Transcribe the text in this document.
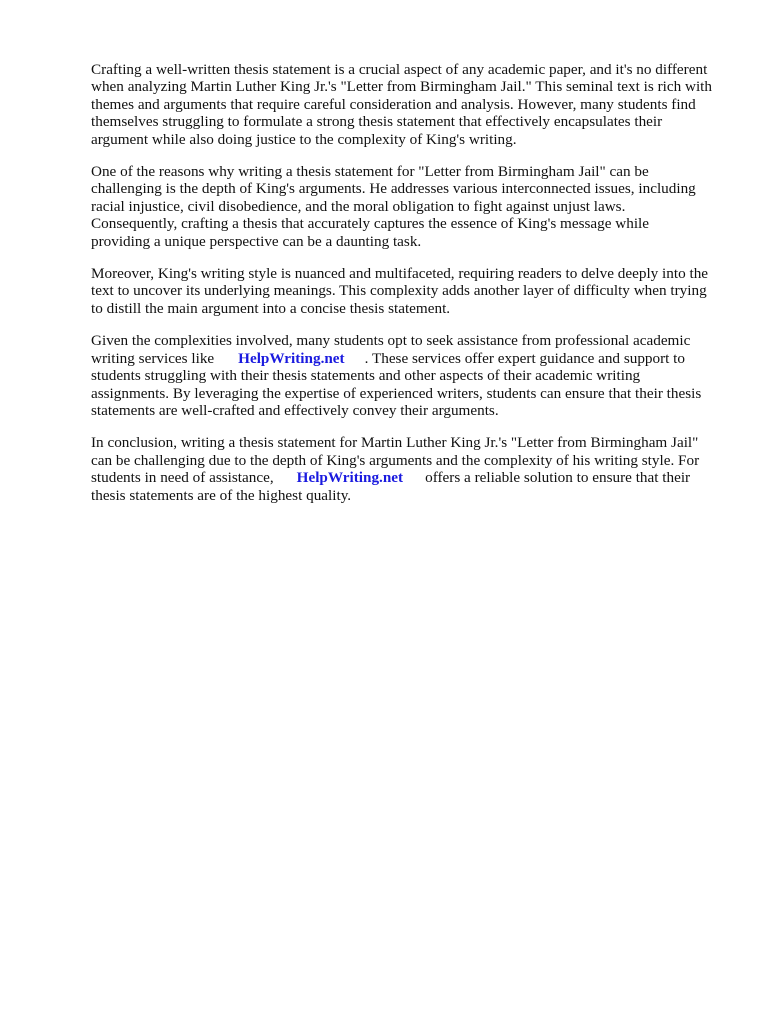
Crafting a well-written thesis statement is a crucial aspect of any academic paper, and it's no different
when analyzing Martin Luther King Jr.'s "Letter from Birmingham Jail." This seminal text is rich with
themes and arguments that require careful consideration and analysis. However, many students find
themselves struggling to formulate a strong thesis statement that effectively encapsulates their
argument while also doing justice to the complexity of King's writing.

One of the reasons why writing a thesis statement for "Letter from Birmingham Jail" can be
challenging is the depth of King's arguments. He addresses various interconnected issues, including
racial injustice, civil disobedience, and the moral obligation to fight against unjust laws.
Consequently, crafting a thesis that accurately captures the essence of King's message while
providing a unique perspective can be a daunting task.

Moreover, King's writing style is nuanced and multifaceted, requiring readers to delve deeply into the
text to uncover its underlying meanings. This complexity adds another layer of difficulty when trying
to distill the main argument into a concise thesis statement.

Given the complexities involved, many students opt to seek assistance from professional academic
writing services like HelpWriting.net . These services offer expert guidance and support to
students struggling with their thesis statements and other aspects of their academic writing
assignments. By leveraging the expertise of experienced writers, students can ensure that their thesis
statements are well-crafted and effectively convey their arguments.

In conclusion, writing a thesis statement for Martin Luther King Jr.'s "Letter from Birmingham Jail"
can be challenging due to the depth of King's arguments and the complexity of his writing style. For
students in need of assistance, HelpWriting.net offers a reliable solution to ensure that their
thesis statements are of the highest quality.
